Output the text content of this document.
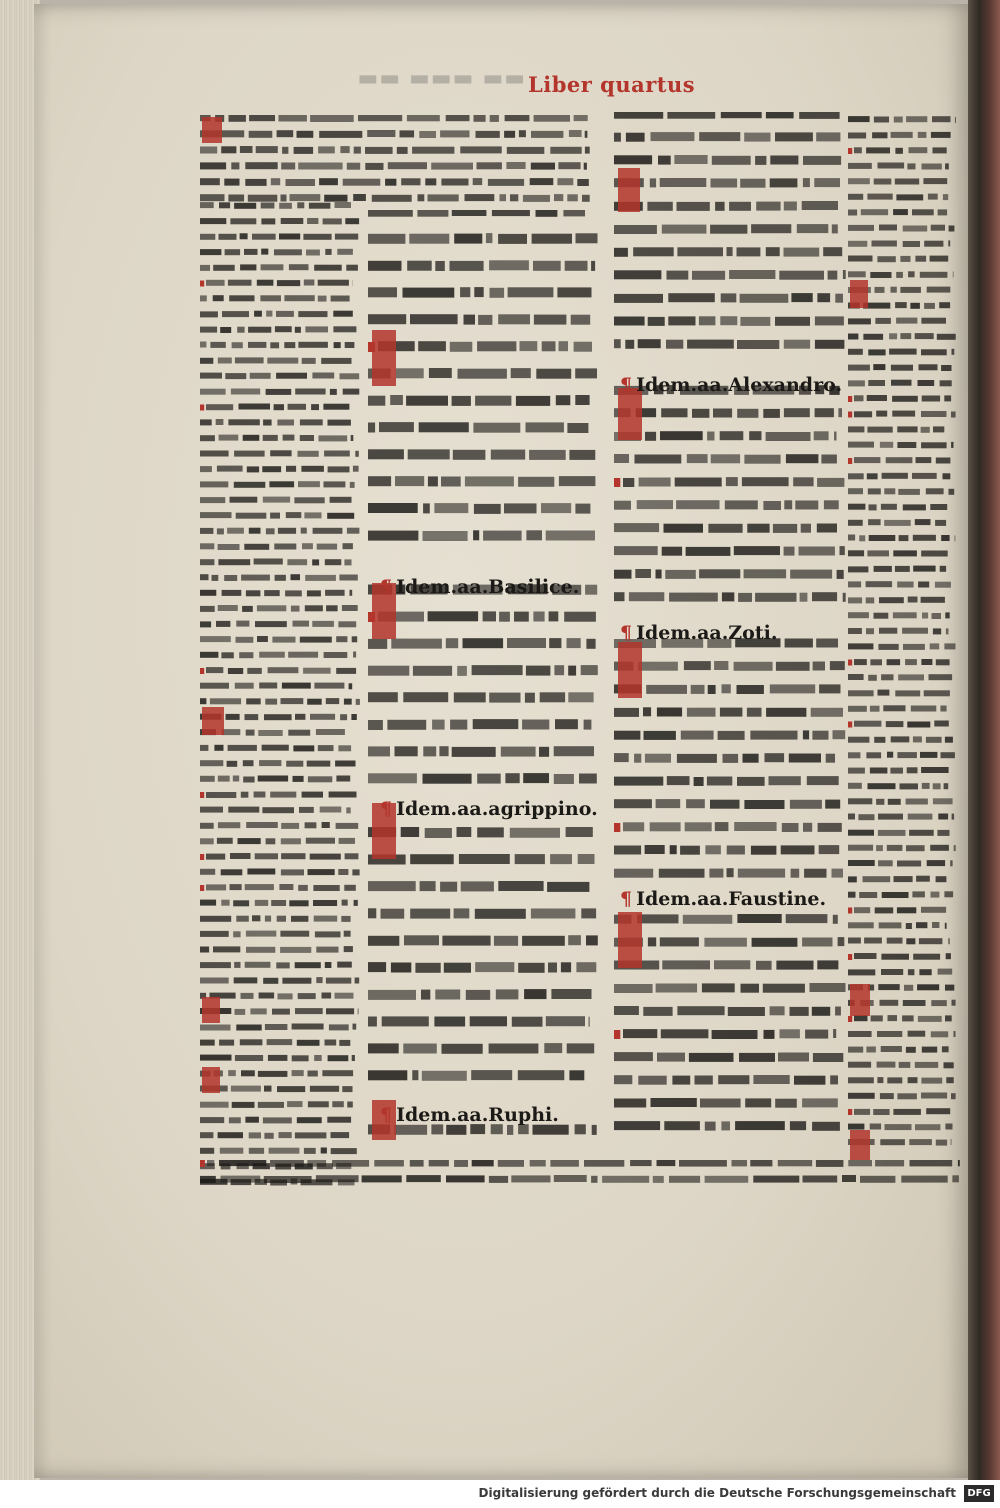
▬▬ ▬▬▬ ▬▬ Liber quartus
¶ Idem.aa.Basilice.
¶ Idem.aa.agrippino.
¶ Idem.aa.Ruphi.
¶ Idem.aa.Alexandro.
¶ Idem.aa.Zoti.
¶ Idem.aa.Faustine.
Digitalisierung gefördert durch die Deutsche Forschungsgemeinschaft	DFG
